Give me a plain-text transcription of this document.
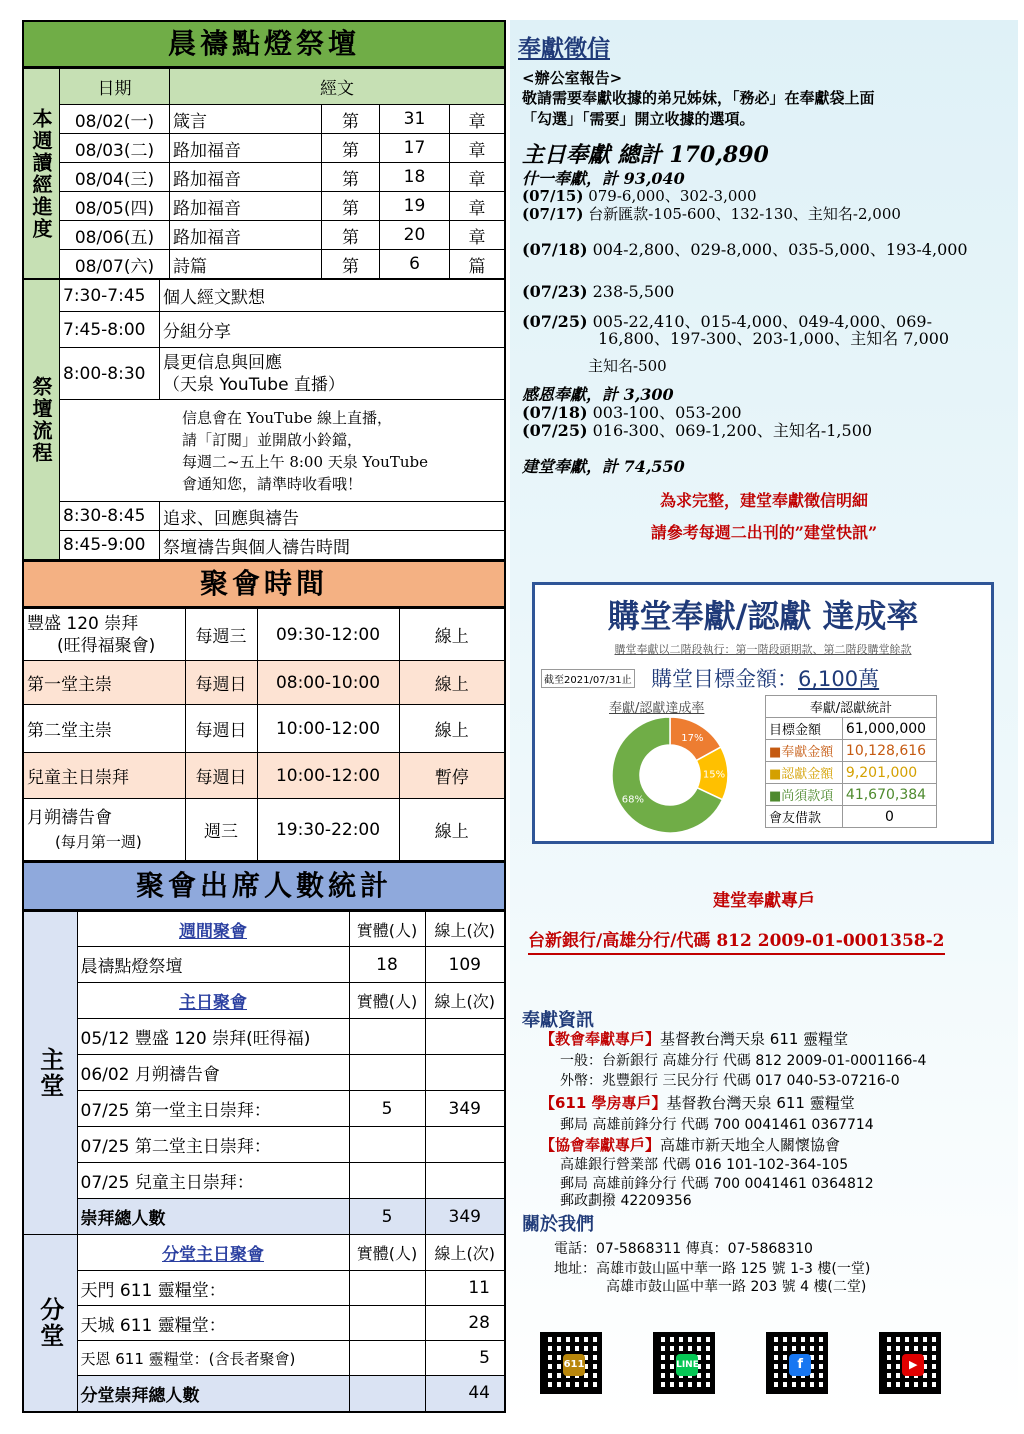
晨禱點燈祭壇
本週讀經進度	日期	經文			
	08/02(一)	箴言	第	31	章
	08/03(二)	路加福音	第	17	章
	08/04(三)	路加福音	第	18	章
	08/05(四)	路加福音	第	19	章
	08/06(五)	路加福音	第	20	章
	08/07(六)	詩篇	第	6	篇
祭壇流程	7:30-7:45	個人經文默想
	7:45-8:00	分組分享
	8:00-8:30	晨更信息與回應
（天泉 YouTube 直播）

	信息會在 YouTube 線上直播，
請「訂閱」並開啟小鈴鐺，
每週二~五上午 8:00 天泉 YouTube
會通知您，請準時收看哦！	

	8:30-8:45	追求、回應與禱告
	8:45-9:00	祭壇禱告與個人禱告時間
聚會時間
豐盛 120 崇拜
(旺得福聚會)	每週三	09:30-12:00	線上
第一堂主崇	每週日	08:00-10:00	線上
第二堂主崇	每週日	10:00-12:00	線上
兒童主日崇拜	每週日	10:00-12:00	暫停

月朔禱告會
(每月第一週)	週三	19:30-22:00	線上
聚會出席人數統計
主堂	週間聚會	實體(人)	線上(次)
	晨禱點燈祭壇	18	109
	主日聚會	實體(人)	線上(次)
	05/12 豐盛 120 崇拜(旺得福)		
	06/02 月朔禱告會		
	07/25 第一堂主日崇拜：	5	349
	07/25 第二堂主日崇拜：		
	07/25 兒童主日崇拜：		
	崇拜總人數	5	349
分堂	分堂主日聚會	實體(人)	線上(次)
	天門 611 靈糧堂：		11
	天城 611 靈糧堂：		28
	天恩 611 靈糧堂：(含長者聚會)		5
	分堂崇拜總人數		44
奉獻徵信
<辦公室報告>
敬請需要奉獻收據的弟兄姊妹，「務必」在奉獻袋上面
「勾選」「需要」開立收據的選項。
主日奉獻 總計 170,890
什一奉獻，計 93,040
(07/15) 079-6,000、302-3,000
(07/17) 台新匯款-105-600、132-130、主知名-2,000
(07/18) 004-2,800、029-8,000、035-5,000、193-4,000
(07/23) 238-5,500
(07/25) 005-22,410、015-4,000、049-4,000、069-
16,800、197-300、203-1,000、主知名 7,000
主知名-500
感恩奉獻，計 3,300
(07/18) 003-100、053-200
(07/25) 016-300、069-1,200、主知名-1,500
建堂奉獻，計 74,550
為求完整，建堂奉獻徵信明細
請參考每週二出刊的”建堂快訊”
購堂奉獻/認獻 達成率
購堂奉獻以二階段執行：第一階段頭期款、第二階段購堂餘款
截至2021/07/31止 購堂目標金額：6,100萬
奉獻/認獻達成率
17%
15%
68%
奉獻/認獻統計	
目標金額	61,000,000
■奉獻金額	10,128,616
■認獻金額	9,201,000
■尚須款項	41,670,384
會友借款	0
建堂奉獻專戶
台新銀行/高雄分行/代碼 812 2009-01-0001358-2
奉獻資訊
【教會奉獻專戶】基督教台灣天泉 611 靈糧堂
一般：台新銀行 高雄分行 代碼 812 2009-01-0001166-4
外幣：兆豐銀行 三民分行 代碼 017 040-53-07216-0
【611 學房專戶】基督教台灣天泉 611 靈糧堂
郵局 高雄前鋒分行 代碼 700 0041461 0367714
【協會奉獻專戶】高雄市新天地全人關懷協會
高雄銀行營業部 代碼 016 101-102-364-105
郵局 高雄前鋒分行 代碼 700 0041461 0364812
郵政劃撥 42209356
關於我們
電話：07-5868311 傳真：07-5868310
地址：高雄市鼓山區中華一路 125 號 1-3 樓(一堂)
高雄市鼓山區中華一路 203 號 4 樓(二堂)
611
	LINE
	f
	▶
